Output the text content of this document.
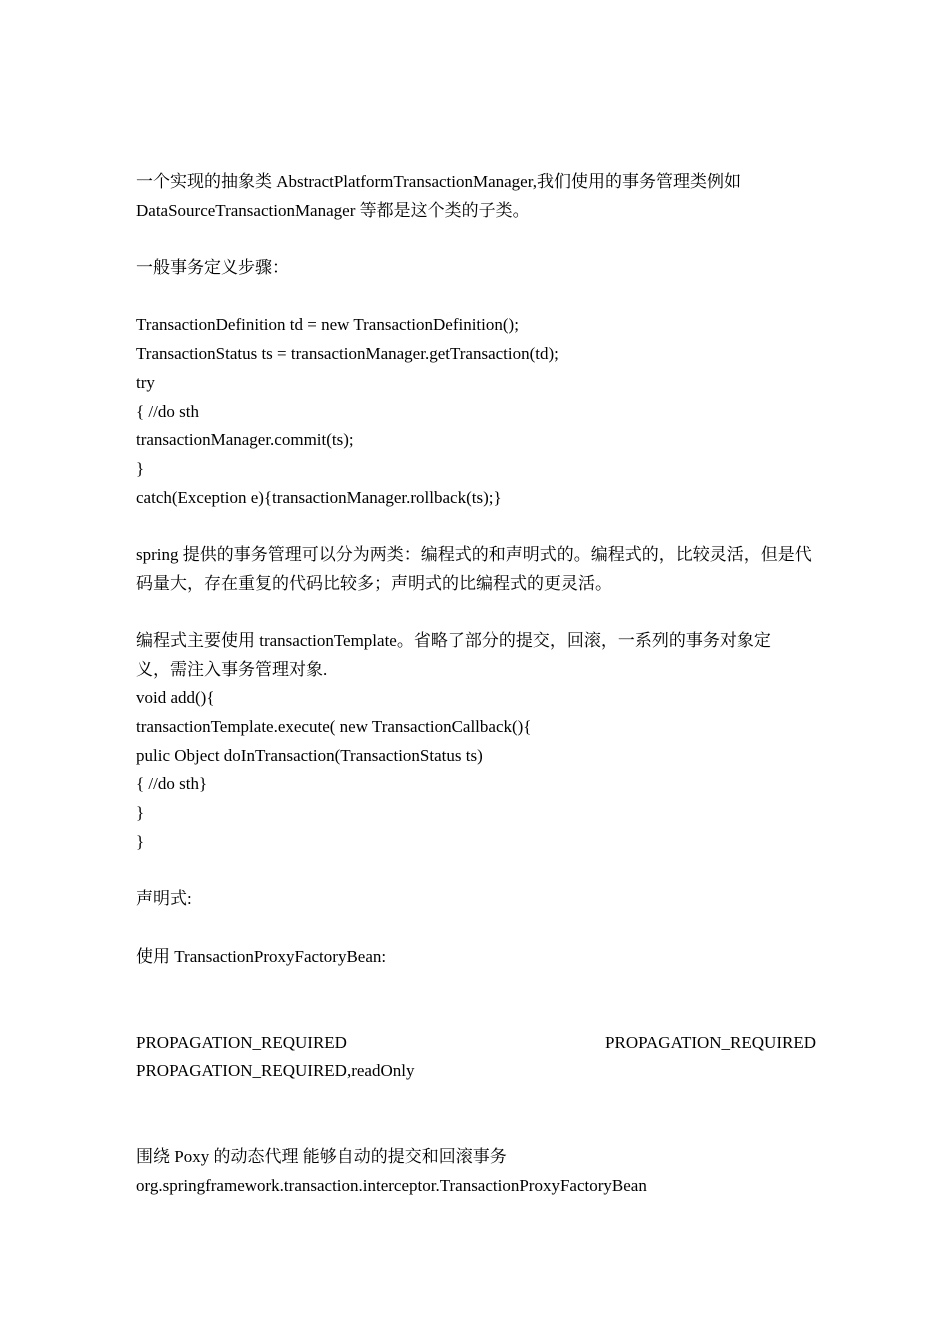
一个实现的抽象类 AbstractPlatformTransactionManager,我们使用的事务管理类例如
DataSourceTransactionManager 等都是这个类的子类。
一般事务定义步骤：
TransactionDefinition td = new TransactionDefinition();
TransactionStatus ts = transactionManager.getTransaction(td);
try
{ //do sth
transactionManager.commit(ts);
}
catch(Exception e){transactionManager.rollback(ts);}
spring 提供的事务管理可以分为两类：编程式的和声明式的。编程式的，比较灵活，但是代
码量大，存在重复的代码比较多；声明式的比编程式的更灵活。
编程式主要使用 transactionTemplate。省略了部分的提交，回滚，一系列的事务对象定
义，需注入事务管理对象.
void add(){
transactionTemplate.execute( new TransactionCallback(){
pulic Object doInTransaction(TransactionStatus ts)
{ //do sth}
}
}
声明式:
使用 TransactionProxyFactoryBean:
PROPAGATION_REQUIRED	PROPAGATION_REQUIRED
PROPAGATION_REQUIRED,readOnly
围绕 Poxy 的动态代理 能够自动的提交和回滚事务
org.springframework.transaction.interceptor.TransactionProxyFactoryBean
